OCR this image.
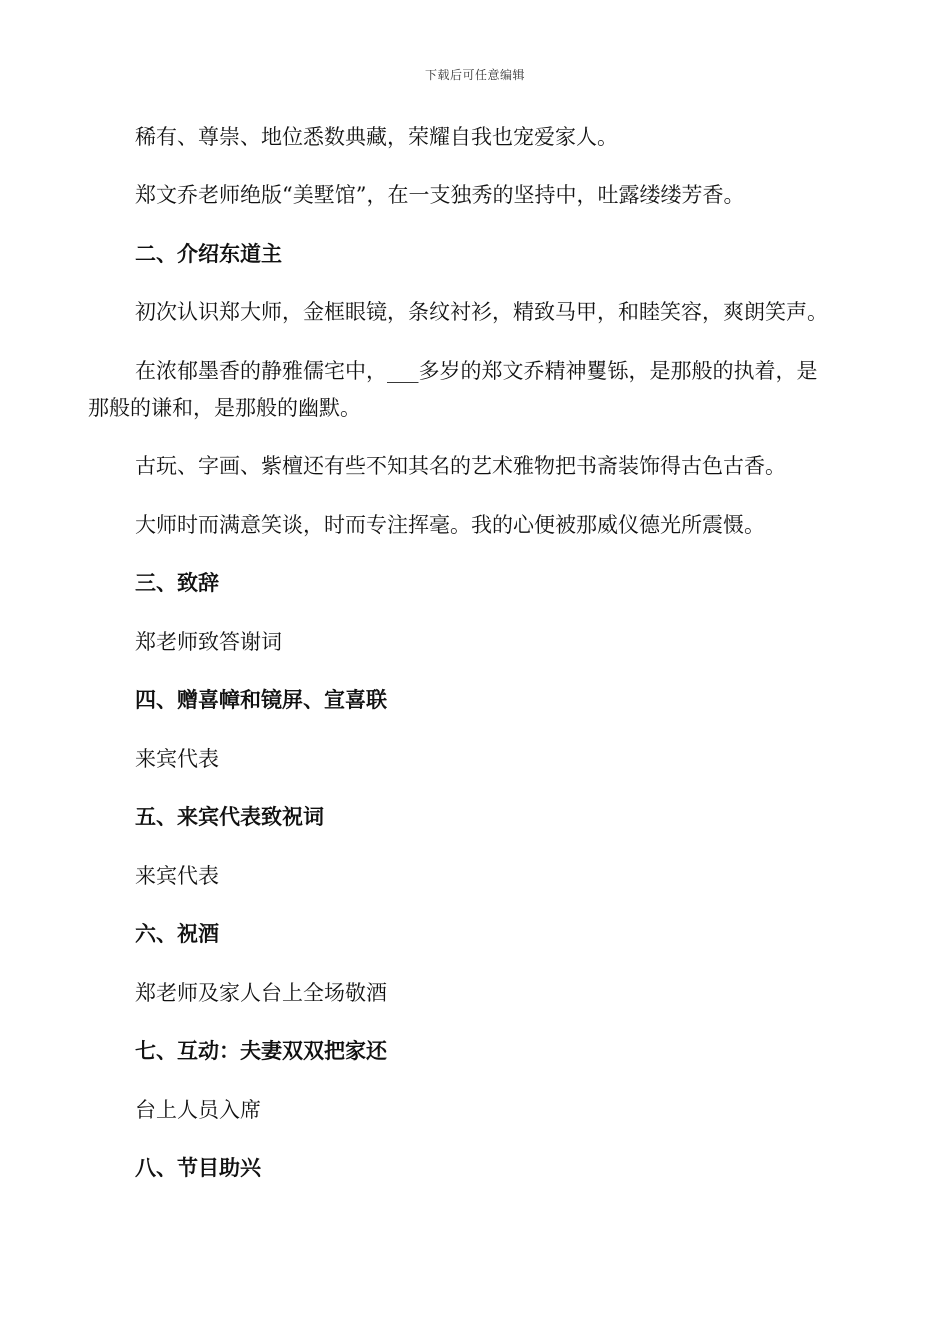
下载后可任意编辑
稀有、尊崇、地位悉数典藏，荣耀自我也宠爱家人。
郑文乔老师绝版“美墅馆”，在一支独秀的坚持中，吐露缕缕芳香。
二、介绍东道主
初次认识郑大师，金框眼镜，条纹衬衫，精致马甲，和睦笑容，爽朗笑声。
在浓郁墨香的静雅儒宅中，___多岁的郑文乔精神矍铄，是那般的执着，是
那般的谦和，是那般的幽默。
古玩、字画、紫檀还有些不知其名的艺术雅物把书斋装饰得古色古香。
大师时而满意笑谈，时而专注挥毫。我的心便被那威仪德光所震慑。
三、致辞
郑老师致答谢词
四、赠喜幛和镜屏、宣喜联
来宾代表
五、来宾代表致祝词
来宾代表
六、祝酒
郑老师及家人台上全场敬酒
七、互动：夫妻双双把家还
台上人员入席
八、节目助兴
